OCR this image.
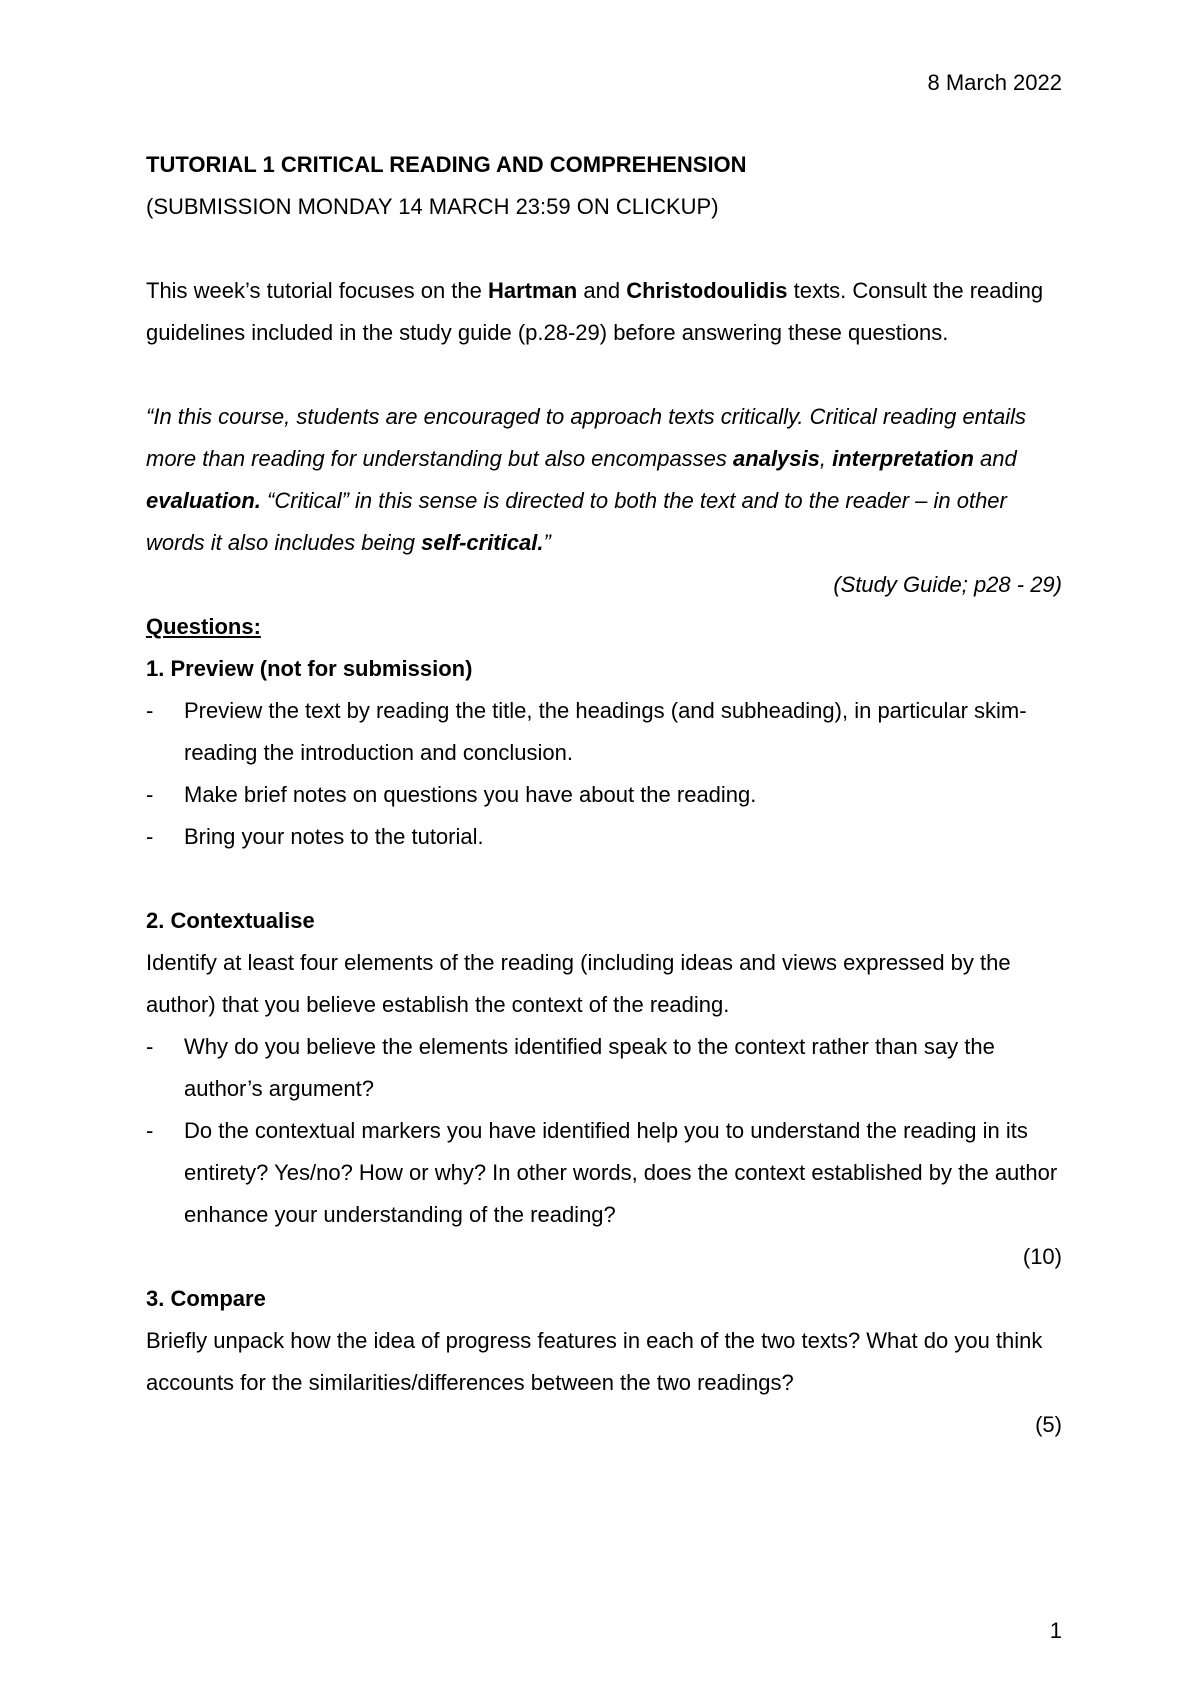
8 March 2022

TUTORIAL 1 CRITICAL READING AND COMPREHENSION

(SUBMISSION MONDAY 14 MARCH 23:59 ON CLICKUP)

This week’s tutorial focuses on the Hartman and Christodoulidis texts. Consult the reading guidelines included in the study guide (p.28-29) before answering these questions.

“In this course, students are encouraged to approach texts critically. Critical reading entails more than reading for understanding but also encompasses analysis, interpretation and evaluation. “Critical” in this sense is directed to both the text and to the reader – in other words it also includes being self-critical.”

(Study Guide; p28 - 29)

Questions:

1. Preview (not for submission)

-	Preview the text by reading the title, the headings (and subheading), in particular skim-reading the introduction and conclusion.
-	Make brief notes on questions you have about the reading.
-	Bring your notes to the tutorial.

2. Contextualise

Identify at least four elements of the reading (including ideas and views expressed by the author) that you believe establish the context of the reading.

-	Why do you believe the elements identified speak to the context rather than say the author’s argument?
-	Do the contextual markers you have identified help you to understand the reading in its entirety? Yes/no? How or why? In other words, does the context established by the author enhance your understanding of the reading?

(10)

3. Compare

Briefly unpack how the idea of progress features in each of the two texts? What do you think accounts for the similarities/differences between the two readings?

(5)

1
